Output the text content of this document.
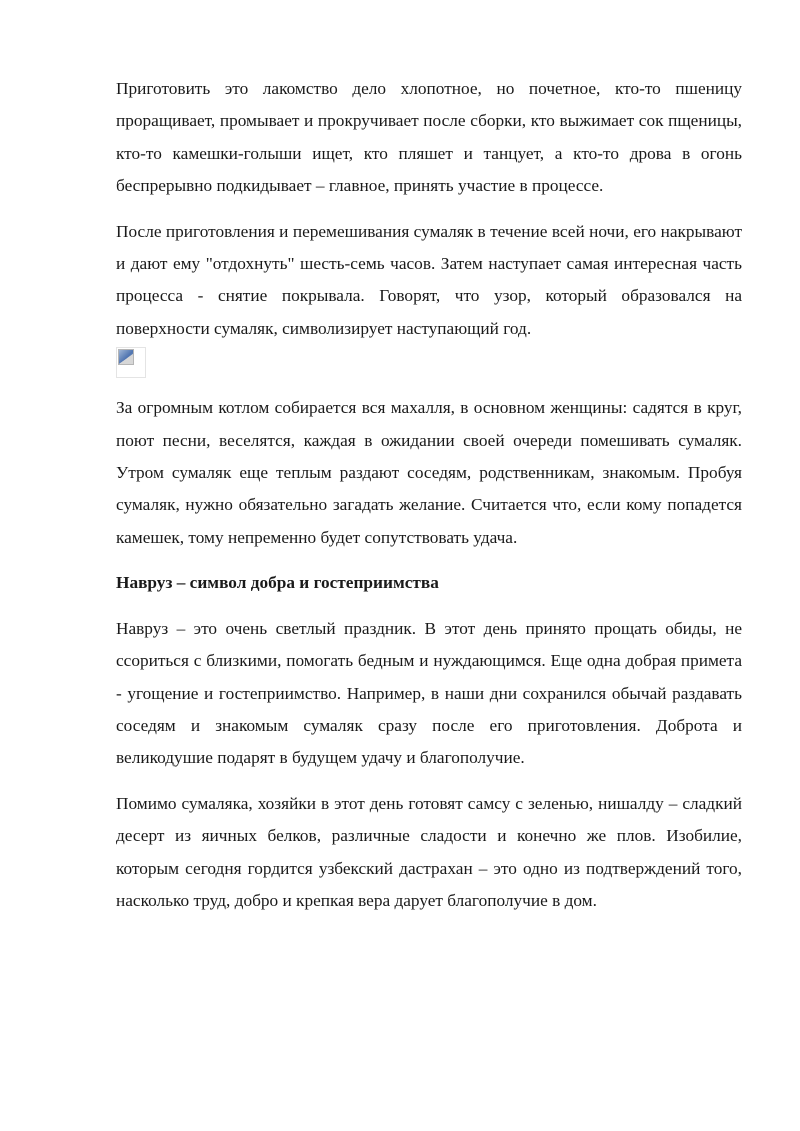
Приготовить это лакомство дело хлопотное, но почетное, кто-то пшеницу проращивает, промывает и прокручивает после сборки, кто выжимает сок пщеницы, кто-то камешки-голыши ищет, кто пляшет и танцует, а кто-то дрова в огонь беспрерывно подкидывает – главное, принять участие в процессе.

После приготовления и перемешивания сумаляк в течение всей ночи, его накрывают и дают ему "отдохнуть" шесть-семь часов. Затем наступает самая интересная часть процесса - снятие покрывала. Говорят, что узор, который образовался на поверхности сумаляк, символизирует наступающий год.

За огромным котлом собирается вся махалля, в основном женщины: садятся в круг, поют песни, веселятся, каждая в ожидании своей очереди помешивать сумаляк. Утром сумаляк еще теплым раздают соседям, родственникам, знакомым. Пробуя сумаляк, нужно обязательно загадать желание. Считается что, если кому попадется камешек, тому непременно будет сопутствовать удача.

Навруз – символ добра и гостеприимства

Навруз – это очень светлый праздник. В этот день принято прощать обиды, не ссориться с близкими, помогать бедным и нуждающимся. Еще одна добрая примета - угощение и гостеприимство. Например, в наши дни сохранился обычай раздавать соседям и знакомым сумаляк сразу после его приготовления. Доброта и великодушие подарят в будущем удачу и благополучие.

Помимо сумаляка, хозяйки в этот день готовят самсу с зеленью, нишалду – сладкий десерт из яичных белков, различные сладости и конечно же плов. Изобилие, которым сегодня гордится узбекский дастрахан – это одно из подтверждений того, насколько труд, добро и крепкая вера дарует благополучие в дом.
